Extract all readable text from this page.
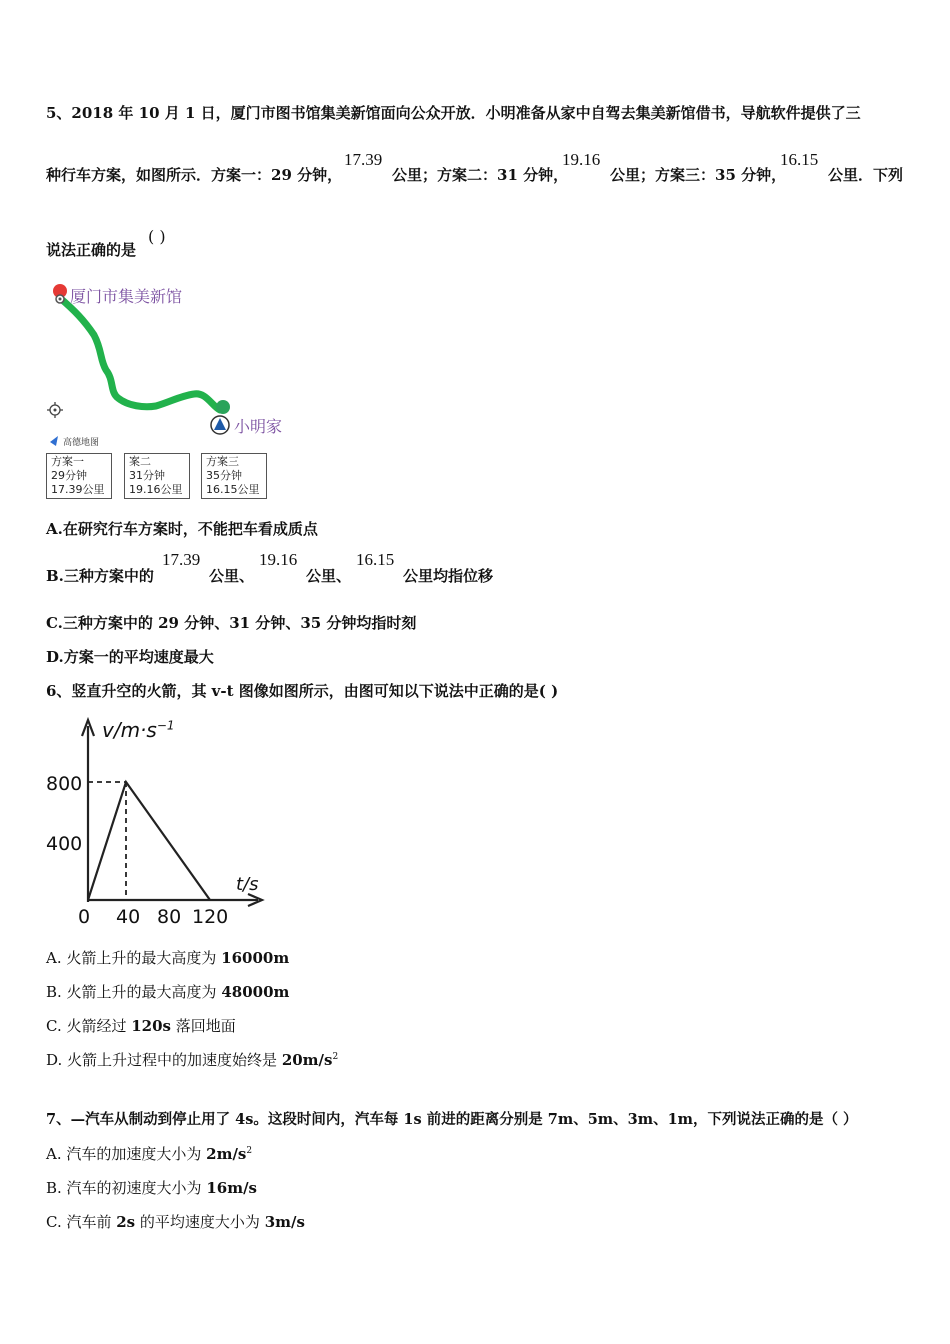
5、2018 年 10 月 1 日，厦门市图书馆集美新馆面向公众开放．小明准备从家中自驾去集美新馆借书，导航软件提供了三
种行车方案，如图所示．方案一：29 分钟，
17.39
公里；方案二：31 分钟，
19.16
公里；方案三：35 分钟，
16.15
公里．下列
说法正确的是
( )
厦门市集美新馆
小明家
高德地图
方案一
29分钟
17.39公里
案二
31分钟
19.16公里
方案三
35分钟
16.15公里
A.在研究行车方案时，不能把车看成质点
B.三种方案中的
17.39
公里、
19.16
公里、
16.15
公里均指位移
C.三种方案中的 29 分钟、31 分钟、35 分钟均指时刻
D.方案一的平均速度最大
6、竖直升空的火箭，其 v-t 图像如图所示，由图可知以下说法中正确的是( )
$v/m\cdot s^{-1}$
800
400
t/s
0 40 80 120
A. 火箭上升的最大高度为 16000m
B. 火箭上升的最大高度为 48000m
C. 火箭经过 120s 落回地面
D. 火箭上升过程中的加速度始终是 $20m/s^2$
7、—汽车从制动到停止用了 4s。这段时间内，汽车每 1s 前进的距离分别是 7m、5m、3m、1m，下列说法正确的是（ ）
A. 汽车的加速度大小为 $2m/s^2$
B. 汽车的初速度大小为 16m/s
C. 汽车前 2s 的平均速度大小为 3m/s
